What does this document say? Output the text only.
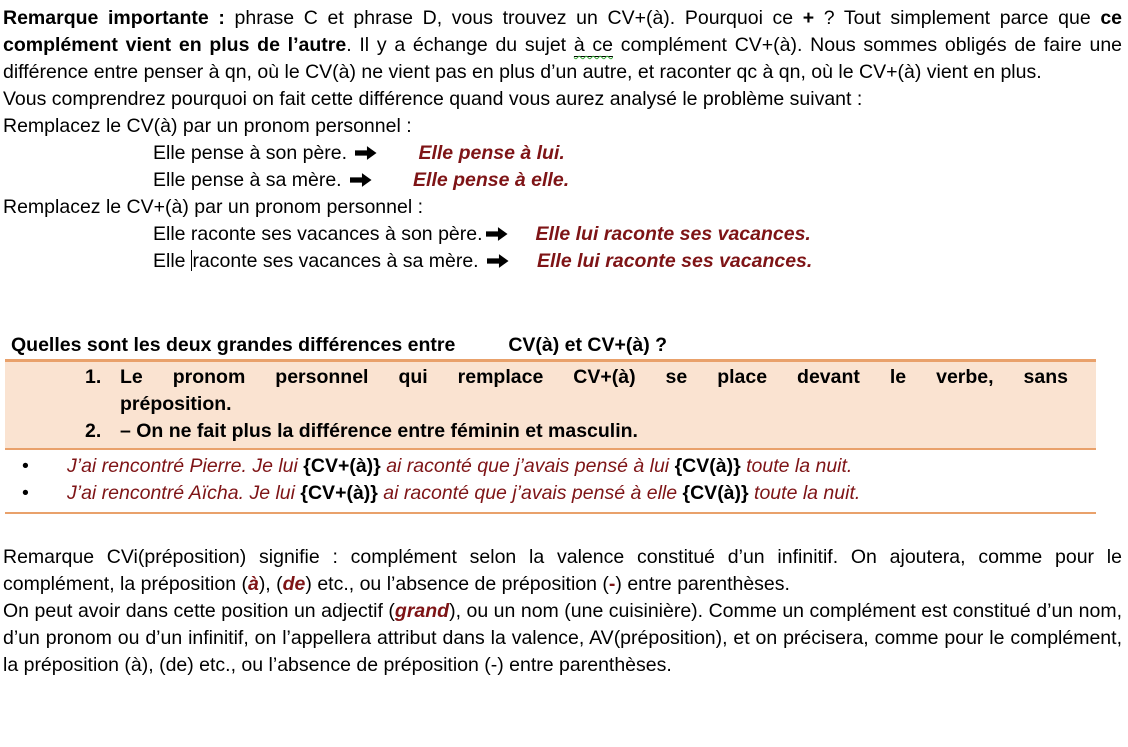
Remarque importante : phrase C et phrase D, vous trouvez un CV+(à). Pourquoi ce + ? Tout simplement parce que ce complément vient en plus de l’autre. Il y a échange du sujet à ce complément CV+(à). Nous sommes obligés de faire une différence entre penser à qn, où le CV(à) ne vient pas en plus d’un autre, et raconter qc à qn, où le CV+(à) vient en plus.
Vous comprendrez pourquoi on fait cette différence quand vous aurez analysé le problème suivant :
Remplacez le CV(à) par un pronom personnel :
Elle pense à son père.	Elle pense à lui.
Elle pense à sa mère.	Elle pense à elle.
Remplacez le CV+(à) par un pronom personnel :
Elle raconte ses vacances à son père.	Elle lui raconte ses vacances.
Elle raconte ses vacances à sa mère.	Elle lui raconte ses vacances.
Quelles sont les deux grandes différences entre	CV(à) et CV+(à) ?
1. Le pronom personnel qui remplace CV+(à) se place devant le verbe, sans
préposition.
2. – On ne fait plus la différence entre féminin et masculin.
•	J’ai rencontré Pierre. Je lui {CV+(à)} ai raconté que j’avais pensé à lui {CV(à)} toute la nuit.
•	J’ai rencontré Aïcha. Je lui {CV+(à)} ai raconté que j’avais pensé à elle {CV(à)} toute la nuit.
Remarque CVi(préposition) signifie : complément selon la valence constitué d’un infinitif. On ajoutera, comme pour le complément, la préposition (à), (de) etc., ou l’absence de préposition (-) entre parenthèses.
On peut avoir dans cette position un adjectif (grand), ou un nom (une cuisinière). Comme un complément est constitué d’un nom, d’un pronom ou d’un infinitif, on l’appellera attribut dans la valence, AV(préposition), et on précisera, comme pour le complément, la préposition (à), (de) etc., ou l’absence de préposition (-) entre parenthèses.
